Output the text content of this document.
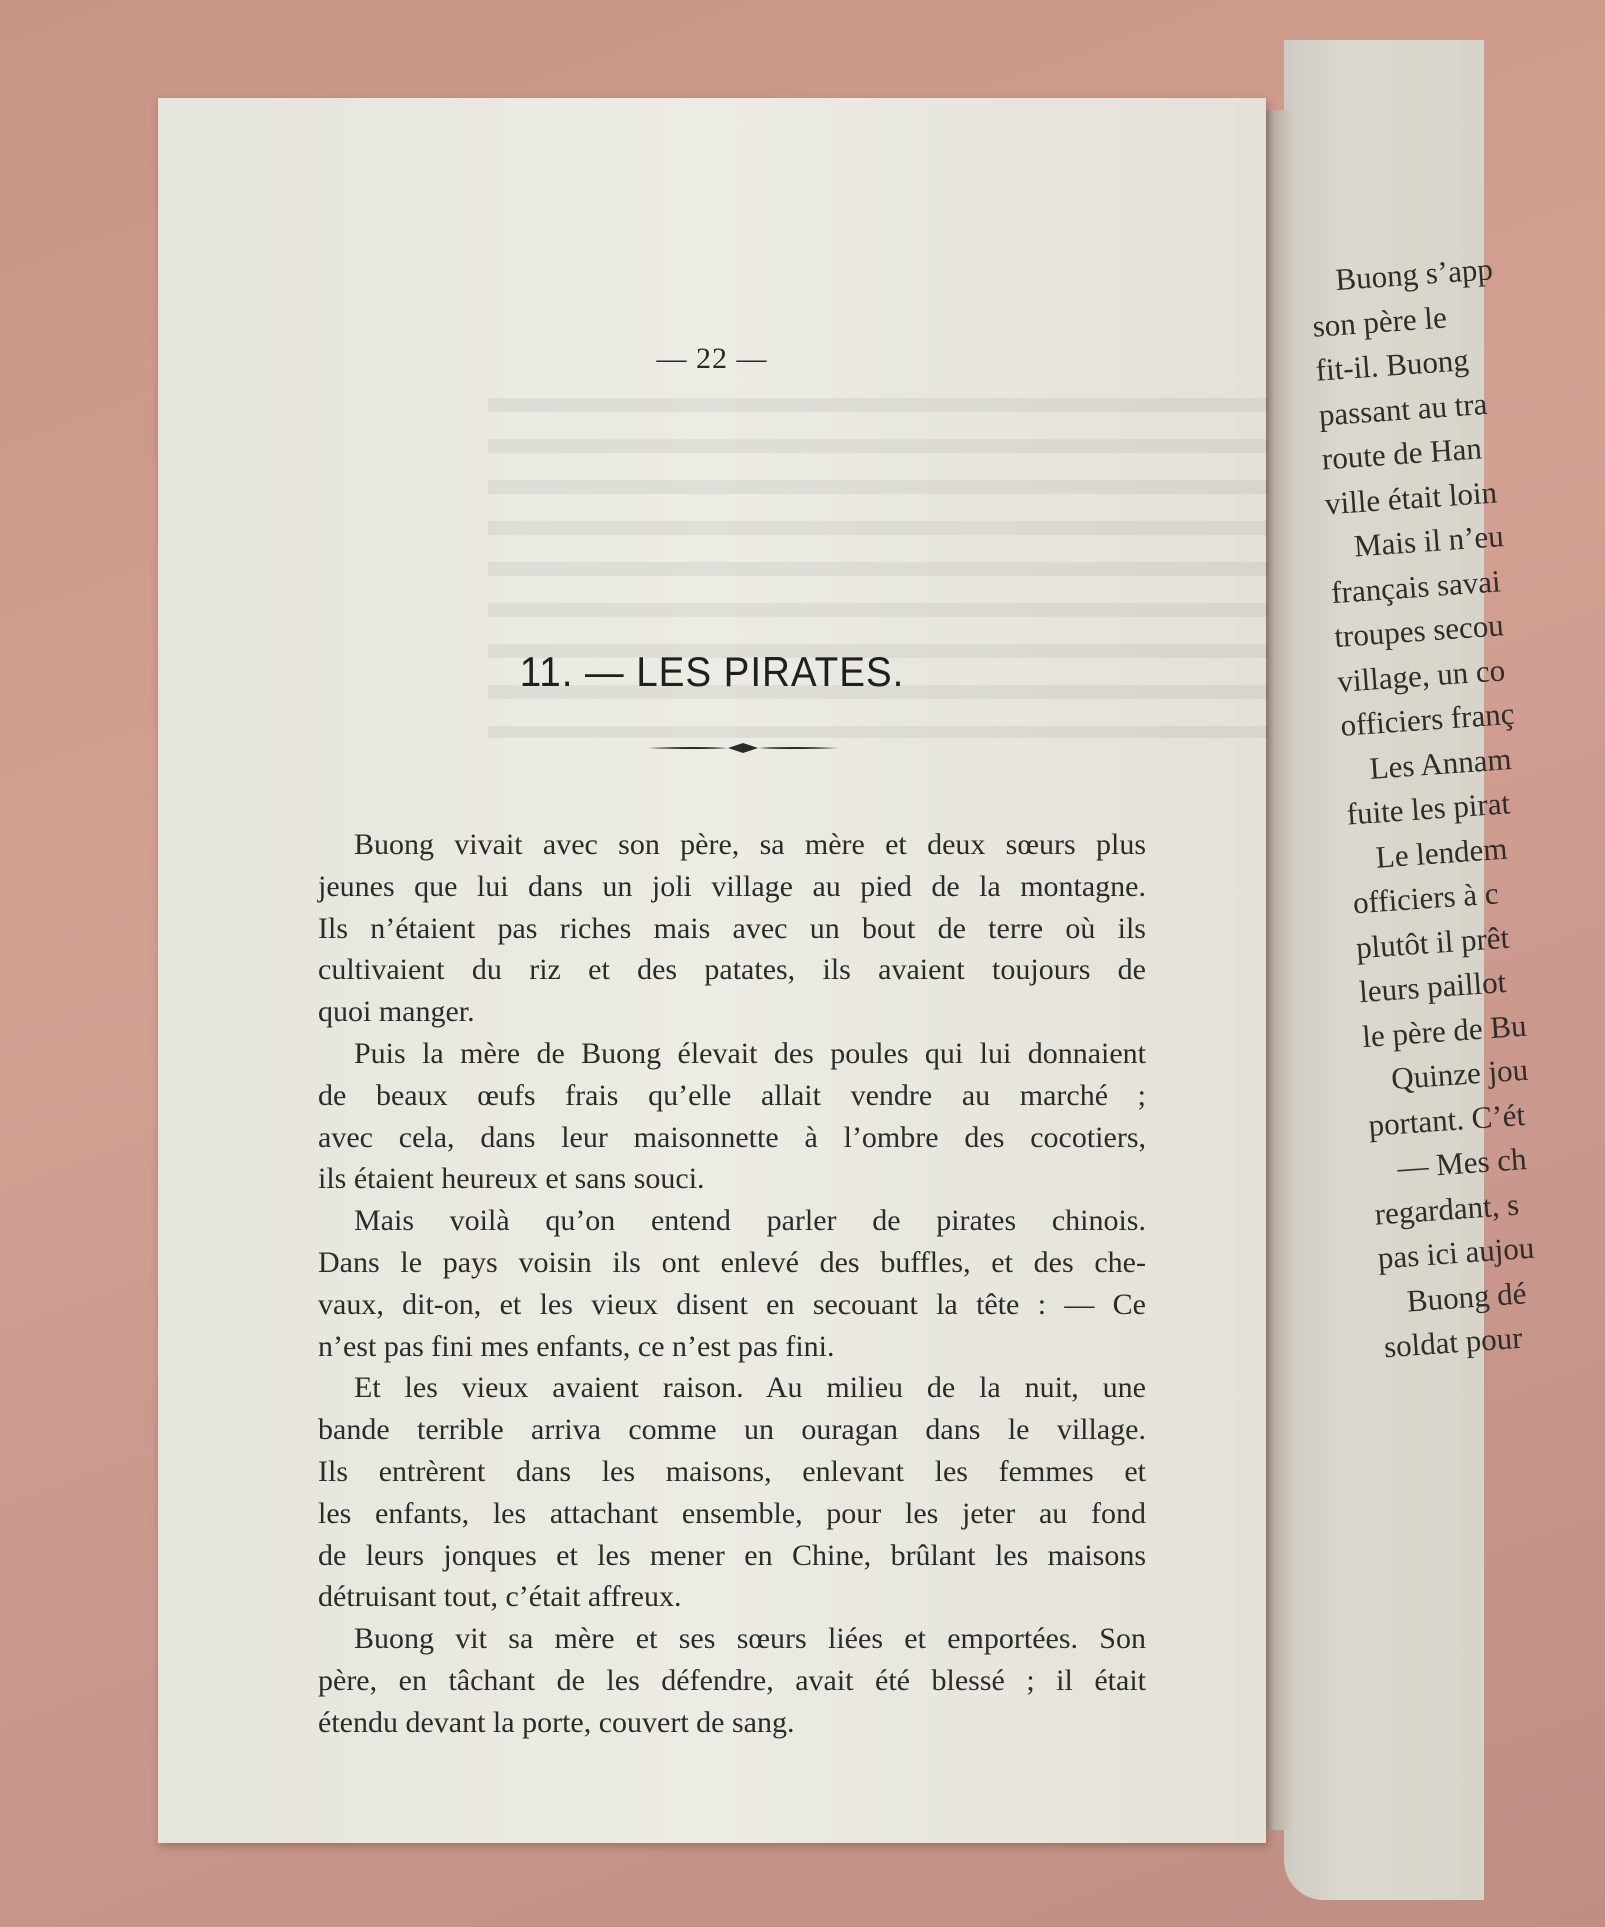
Buong s’app
son père le
fit-il. Buong
passant au tra
route de Han
ville était loin
Mais il n’eu
français savai
troupes secou
village, un co
officiers franç
Les Annam
fuite les pirat
Le lendem
officiers à c
plutôt il prêt
leurs paillot
le père de Bu
Quinze jou
portant. C’ét
— Mes ch
regardant, s
pas ici aujou
Buong dé
soldat pour
— 22 —
11. — LES PIRATES.
Buong vivait avec son père, sa mère et deux sœurs plus
jeunes que lui dans un joli village au pied de la montagne.
Ils n’étaient pas riches mais avec un bout de terre où ils
cultivaient du riz et des patates, ils avaient toujours de
quoi manger.
Puis la mère de Buong élevait des poules qui lui donnaient
de beaux œufs frais qu’elle allait vendre au marché ;
avec cela, dans leur maisonnette à l’ombre des cocotiers,
ils étaient heureux et sans souci.
Mais voilà qu’on entend parler de pirates chinois.
Dans le pays voisin ils ont enlevé des buffles, et des che-
vaux, dit-on, et les vieux disent en secouant la tête : — Ce
n’est pas fini mes enfants, ce n’est pas fini.
Et les vieux avaient raison. Au milieu de la nuit, une
bande terrible arriva comme un ouragan dans le village.
Ils entrèrent dans les maisons, enlevant les femmes et
les enfants, les attachant ensemble, pour les jeter au fond
de leurs jonques et les mener en Chine, brûlant les maisons
détruisant tout, c’était affreux.
Buong vit sa mère et ses sœurs liées et emportées. Son
père, en tâchant de les défendre, avait été blessé ; il était
étendu devant la porte, couvert de sang.
